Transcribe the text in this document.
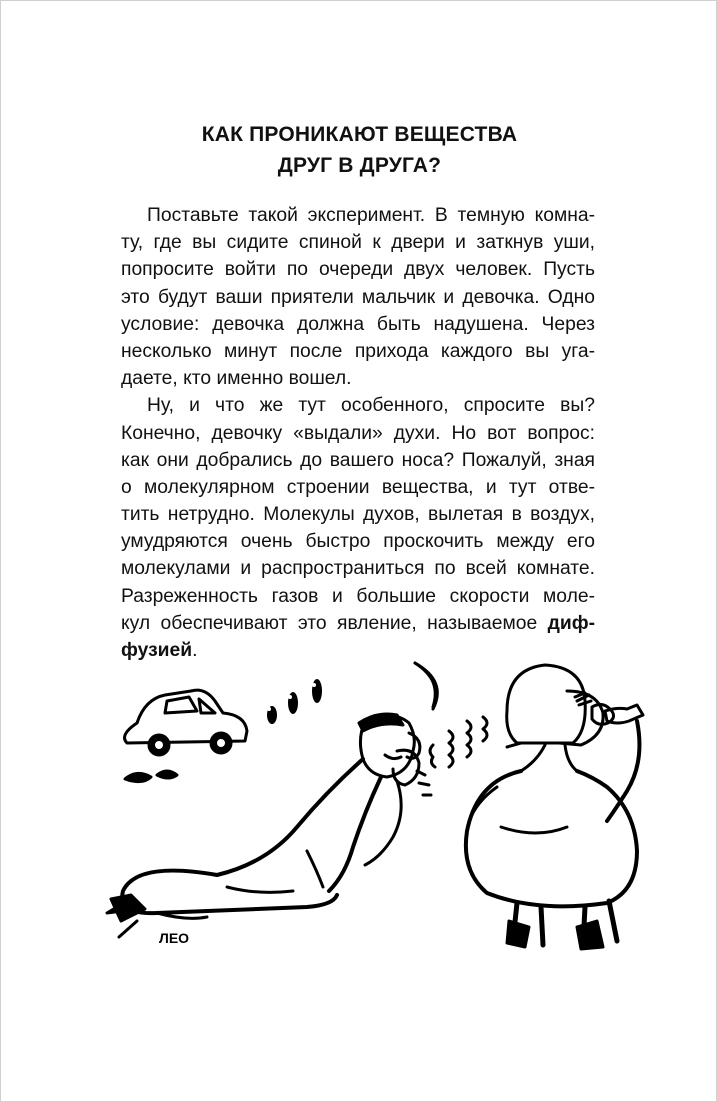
КАК ПРОНИКАЮТ ВЕЩЕСТВА
ДРУГ В ДРУГА?
Поставьте такой эксперимент. В темную комна-
ту, где вы сидите спиной к двери и заткнув уши,
попросите войти по очереди двух человек. Пусть
это будут ваши приятели мальчик и девочка. Одно
условие: девочка должна быть надушена. Через
несколько минут после прихода каждого вы уга-
даете, кто именно вошел.
Ну, и что же тут особенного, спросите вы?
Конечно, девочку «выдали» духи. Но вот вопрос:
как они добрались до вашего носа? Пожалуй, зная
о молекулярном строении вещества, и тут отве-
тить нетрудно. Молекулы духов, вылетая в воздух,
умудряются очень быстро проскочить между его
молекулами и распространиться по всей комнате.
Разреженность газов и большие скорости моле-
кул обеспечивают это явление, называемое диф-
фузией.
ЛЕО
